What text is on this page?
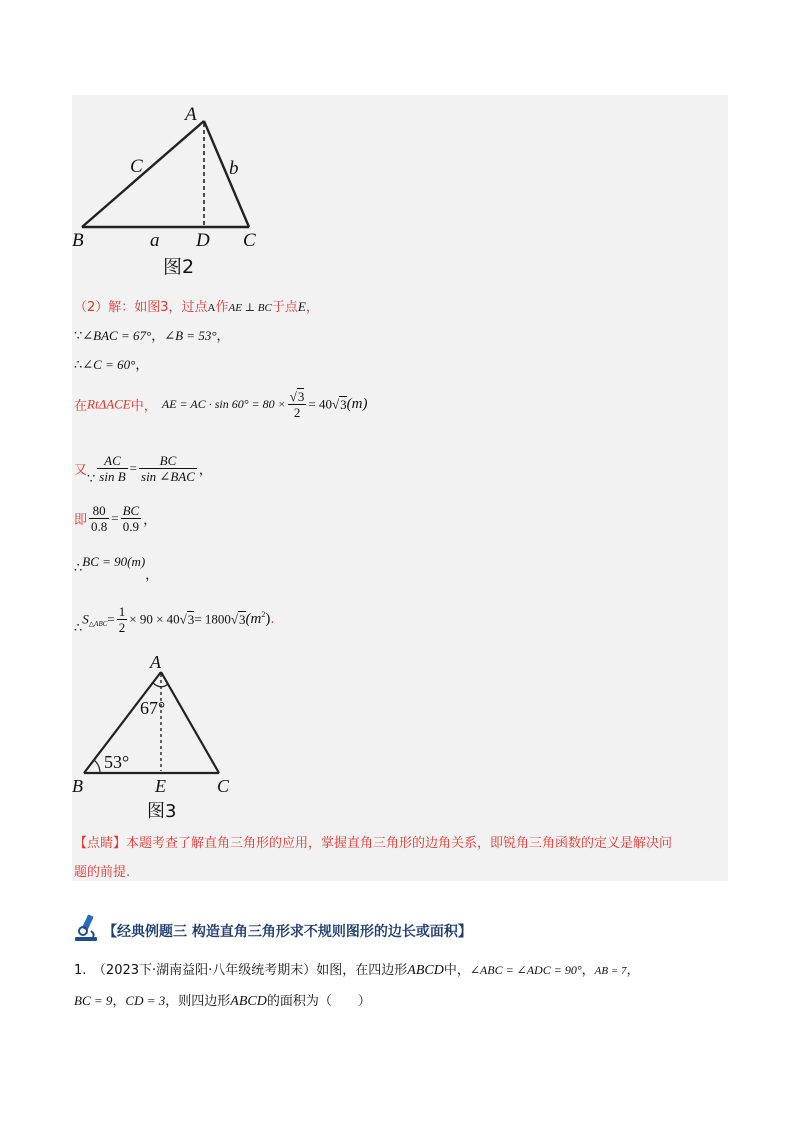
A
C	b
B	a D C
图2
（2）解：如图3，过点A作AE ⊥ BC于点E，
∵∠BAC = 67°，∠B = 53°，
∴∠C = 60°，
在RtΔACE中， AE = AC · $\sin 60^\circ = 80 \times \frac{√3}{2} = 40√3(m)$
又∵ $\frac{AC}{\text{sin B}} = \frac{BC}{\text{sin ∠BAC}}$ ，
即 $\frac{80}{0.8} = \frac{BC}{0.9}$ ，
∴BC = 90(m)，
$\therefore S_{\triangle ABC}= \frac{1}{2} \times 90 \times 40√3= 1800√3(m^2)$.
A
67°
53°
B	E	C
图3
【点睛】本题考查了解直角三角形的应用，掌握直角三角形的边角关系，即锐角三角函数的定义是解决问
题的前提.
【经典例题三 构造直角三角形求不规则图形的边长或面积】
1.　 （2023下·湖南益阳·八年级统考期末）如图，在四边形ABCD中，∠ABC = ∠ADC = 90°，AB = 7，
BC = 9，CD = 3，则四边形ABCD的面积为（　　）
